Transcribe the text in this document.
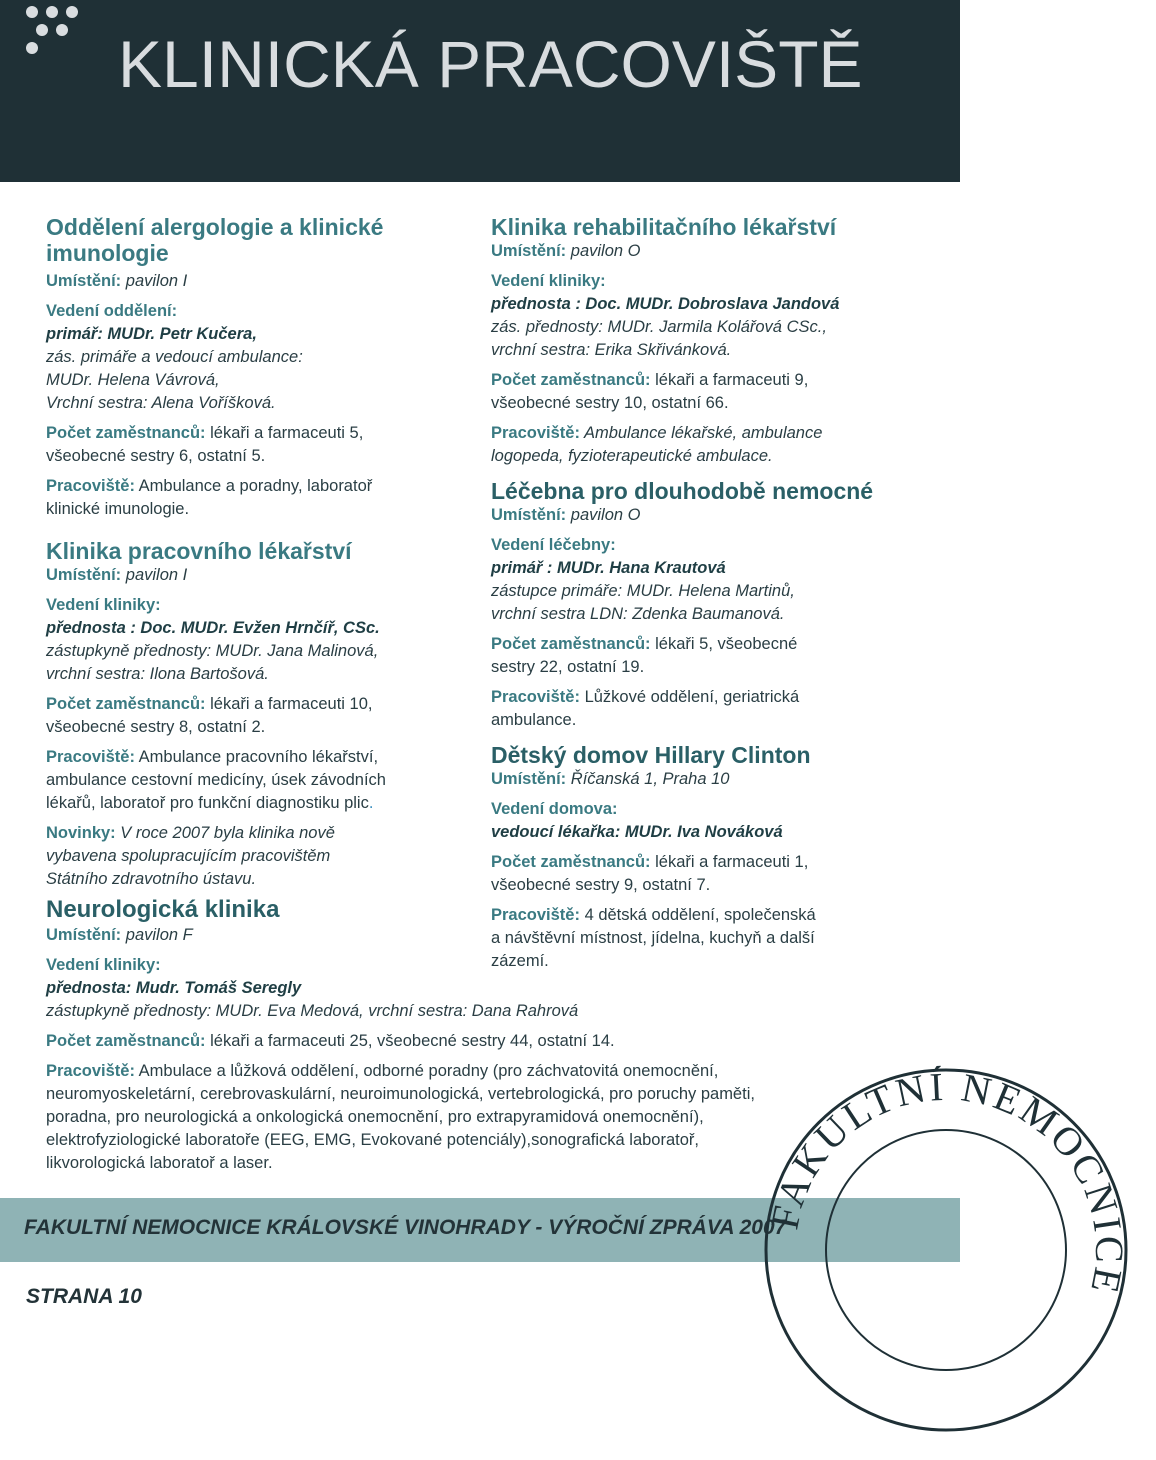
KLINICKÁ PRACOVIŠTĚ
Oddělení alergologie a klinické
imunologie
Umístění: pavilon I
Vedení oddělení:
primář: MUDr. Petr Kučera,
zás. primáře a vedoucí ambulance:
MUDr. Helena Vávrová,
Vrchní sestra: Alena Voříšková.
Počet zaměstnanců: lékaři a farmaceuti 5,
všeobecné sestry 6, ostatní 5.
Pracoviště: Ambulance a poradny, laboratoř
klinické imunologie.
Klinika pracovního lékařství
Umístění: pavilon I
Vedení kliniky:
přednosta : Doc. MUDr. Evžen Hrnčíř, CSc.
zástupkyně přednosty: MUDr. Jana Malinová,
vrchní sestra: Ilona Bartošová.
Počet zaměstnanců: lékaři a farmaceuti 10,
všeobecné sestry 8, ostatní 2.
Pracoviště: Ambulance pracovního lékařství,
ambulance cestovní medicíny, úsek závodních
lékařů, laboratoř pro funkční diagnostiku plic.
Novinky: V roce 2007 byla klinika nově
vybavena spolupracujícím pracovištěm
Státního zdravotního ústavu.
Neurologická klinika
Umístění: pavilon F
Vedení kliniky:
přednosta: Mudr. Tomáš Seregly
zástupkyně přednosty: MUDr. Eva Medová, vrchní sestra: Dana Rahrová
Počet zaměstnanců: lékaři a farmaceuti 25, všeobecné sestry 44, ostatní 14.
Pracoviště: Ambulace a lůžková oddělení, odborné poradny (pro záchvatovitá onemocnění,
neuromyoskeletární, cerebrovaskulární, neuroimunologická, vertebrologická, pro poruchy paměti,
poradna, pro neurologická a onkologická onemocnění, pro extrapyramidová onemocnění),
elektrofyziologické laboratoře (EEG, EMG, Evokované potenciály),sonografická laboratoř,
likvorologická laboratoř a laser.
Klinika rehabilitačního lékařství
Umístění: pavilon O
Vedení kliniky:
přednosta : Doc. MUDr. Dobroslava Jandová
zás. přednosty: MUDr. Jarmila Kolářová CSc.,
vrchní sestra: Erika Skřivánková.
Počet zaměstnanců: lékaři a farmaceuti 9,
všeobecné sestry 10, ostatní 66.
Pracoviště: Ambulance lékařské, ambulance
logopeda, fyzioterapeutické ambulace.
Léčebna pro dlouhodobě nemocné
Umístění: pavilon O
Vedení léčebny:
primář : MUDr. Hana Krautová
zástupce primáře: MUDr. Helena Martinů,
vrchní sestra LDN: Zdenka Baumanová.
Počet zaměstnanců: lékaři 5, všeobecné
sestry 22, ostatní 19.
Pracoviště: Lůžkové oddělení, geriatrická
ambulance.
Dětský domov Hillary Clinton
Umístění: Říčanská 1, Praha 10
Vedení domova:
vedoucí lékařka: MUDr. Iva Nováková
Počet zaměstnanců: lékaři a farmaceuti 1,
všeobecné sestry 9, ostatní 7.
Pracoviště: 4 dětská oddělení, společenská
a návštěvní místnost, jídelna, kuchyň a další
zázemí.
FAKULTNÍ NEMOCNICE KRÁLOVSKÉ VINOHRADY - VÝROČNÍ ZPRÁVA 2007
STRANA 10
FAKULTNÍ NEMOCNICE
